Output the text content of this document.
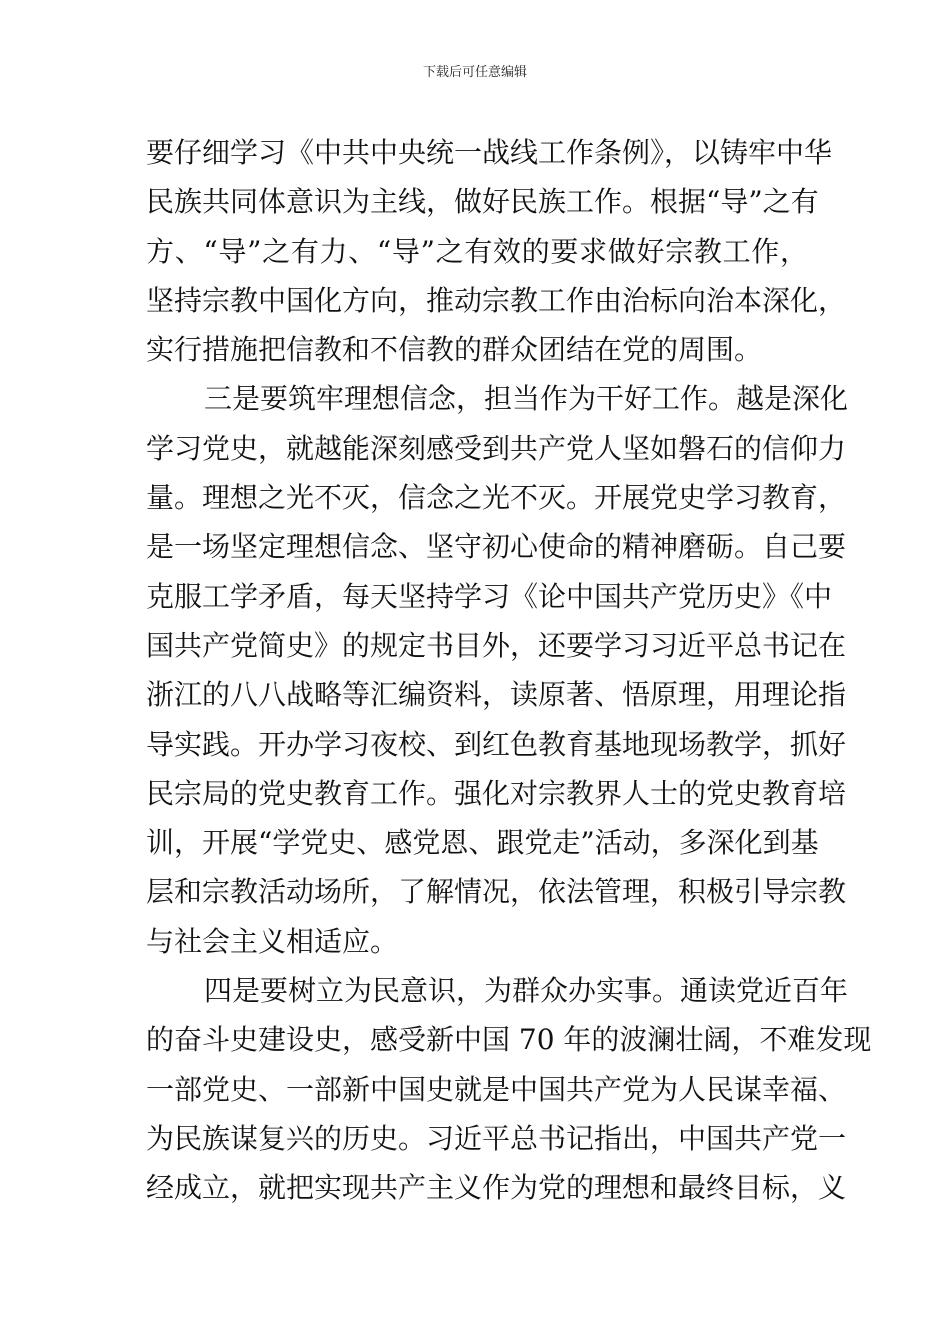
下载后可任意编辑
要仔细学习《中共中央统一战线工作条例》，以铸牢中华
民族共同体意识为主线，做好民族工作。根据“导”之有
方、“导”之有力、“导”之有效的要求做好宗教工作，
坚持宗教中国化方向，推动宗教工作由治标向治本深化，
实行措施把信教和不信教的群众团结在党的周围。
三是要筑牢理想信念，担当作为干好工作。越是深化
学习党史，就越能深刻感受到共产党人坚如磐石的信仰力
量。理想之光不灭，信念之光不灭。开展党史学习教育，
是一场坚定理想信念、坚守初心使命的精神磨砺。自己要
克服工学矛盾，每天坚持学习《论中国共产党历史》《中
国共产党简史》的规定书目外，还要学习习近平总书记在
浙江的八八战略等汇编资料，读原著、悟原理，用理论指
导实践。开办学习夜校、到红色教育基地现场教学，抓好
民宗局的党史教育工作。强化对宗教界人士的党史教育培
训，开展“学党史、感党恩、跟党走”活动，多深化到基
层和宗教活动场所，了解情况，依法管理，积极引导宗教
与社会主义相适应。
四是要树立为民意识，为群众办实事。通读党近百年
的奋斗史建设史，感受新中国 70 年的波澜壮阔，不难发现
一部党史、一部新中国史就是中国共产党为人民谋幸福、
为民族谋复兴的历史。习近平总书记指出，中国共产党一
经成立，就把实现共产主义作为党的理想和最终目标，义
